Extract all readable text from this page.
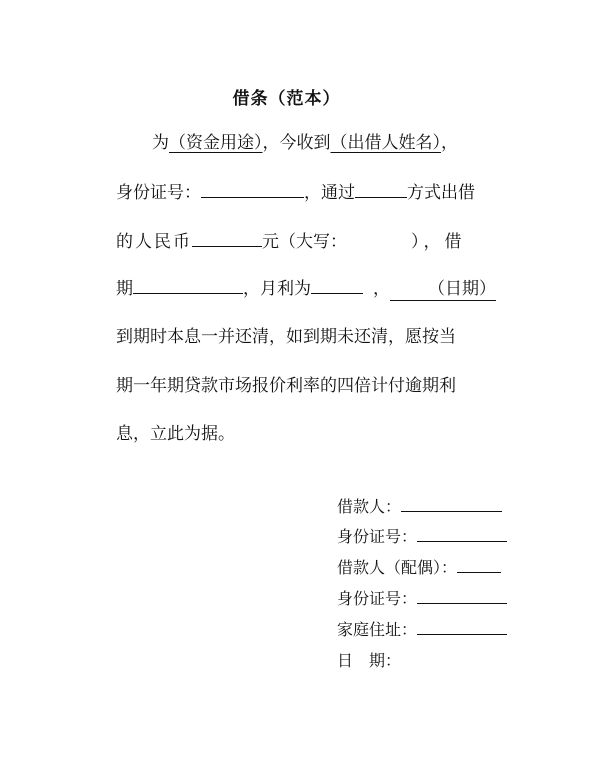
借条（范本）
为（资金用途），今收到（出借人姓名），
身份证号：	，通过	方式出借
的人民币	元（大写：	），借
期	，月利为	， （日期）
到期时本息一并还清，如到期未还清，愿按当
期一年期贷款市场报价利率的四倍计付逾期利
息，立此为据。
借款人：
身份证号：
借款人（配偶）：
身份证号：
家庭住址：
日　期：
